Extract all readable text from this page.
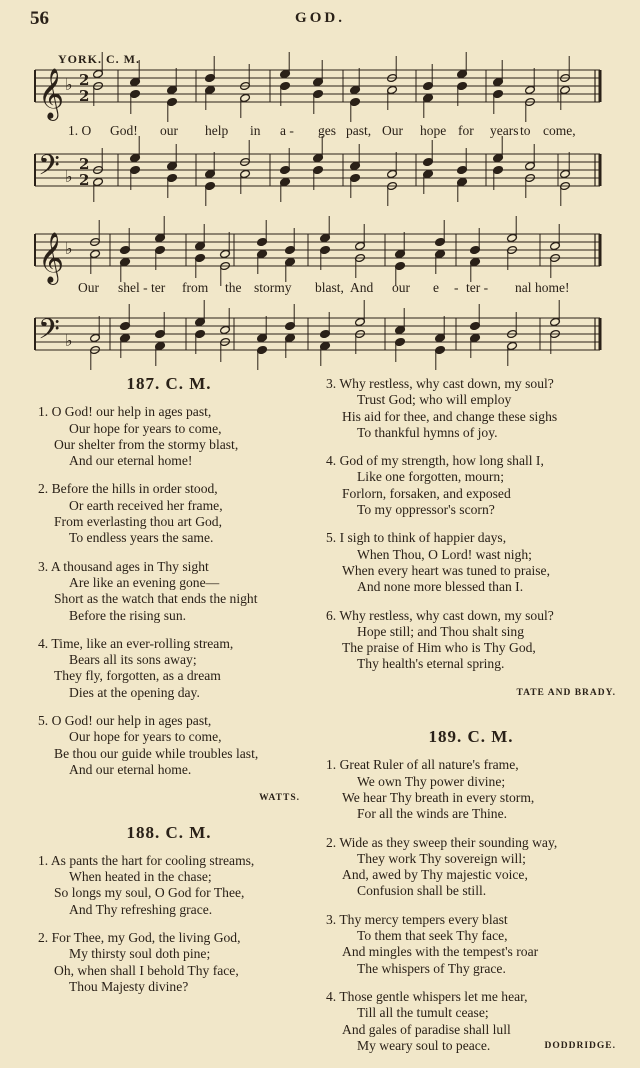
56	GOD.
YORK. C. M.
𝄞 ♭ 2
2
𝄢 ♭
2
2
𝄞 ♭
𝄢 ♭
1. O God! our help in a - ges past, Our hope for years to come,
Our shel - ter from the stormy blast, And our e - ter - nal home!
187. C. M.
1. O God! our help in ages past,
Our hope for years to come,
Our shelter from the stormy blast,
And our eternal home!
2. Before the hills in order stood,
Or earth received her frame,
From everlasting thou art God,
To endless years the same.
3. A thousand ages in Thy sight
Are like an evening gone—
Short as the watch that ends the night
Before the rising sun.
4. Time, like an ever-rolling stream,
Bears all its sons away;
They fly, forgotten, as a dream
Dies at the opening day.
5. O God! our help in ages past,
Our hope for years to come,
Be thou our guide while troubles last,
And our eternal home.
WATTS.
188. C. M.
1. As pants the hart for cooling streams,
When heated in the chase;
So longs my soul, O God for Thee,
And Thy refreshing grace.
2. For Thee, my God, the living God,
My thirsty soul doth pine;
Oh, when shall I behold Thy face,
Thou Majesty divine?
3. Why restless, why cast down, my soul?
Trust God; who will employ
His aid for thee, and change these sighs
To thankful hymns of joy.
4. God of my strength, how long shall I,
Like one forgotten, mourn;
Forlorn, forsaken, and exposed
To my oppressor's scorn?
5. I sigh to think of happier days,
When Thou, O Lord! wast nigh;
When every heart was tuned to praise,
And none more blessed than I.
6. Why restless, why cast down, my soul?
Hope still; and Thou shalt sing
The praise of Him who is Thy God,
Thy health's eternal spring.
TATE AND BRADY.
189. C. M.
1. Great Ruler of all nature's frame,
We own Thy power divine;
We hear Thy breath in every storm,
For all the winds are Thine.
2. Wide as they sweep their sounding way,
They work Thy sovereign will;
And, awed by Thy majestic voice,
Confusion shall be still.
3. Thy mercy tempers every blast
To them that seek Thy face,
And mingles with the tempest's roar
The whispers of Thy grace.
4. Those gentle whispers let me hear,
Till all the tumult cease;
And gales of paradise shall lull
My weary soul to peace.	DODDRIDGE.
